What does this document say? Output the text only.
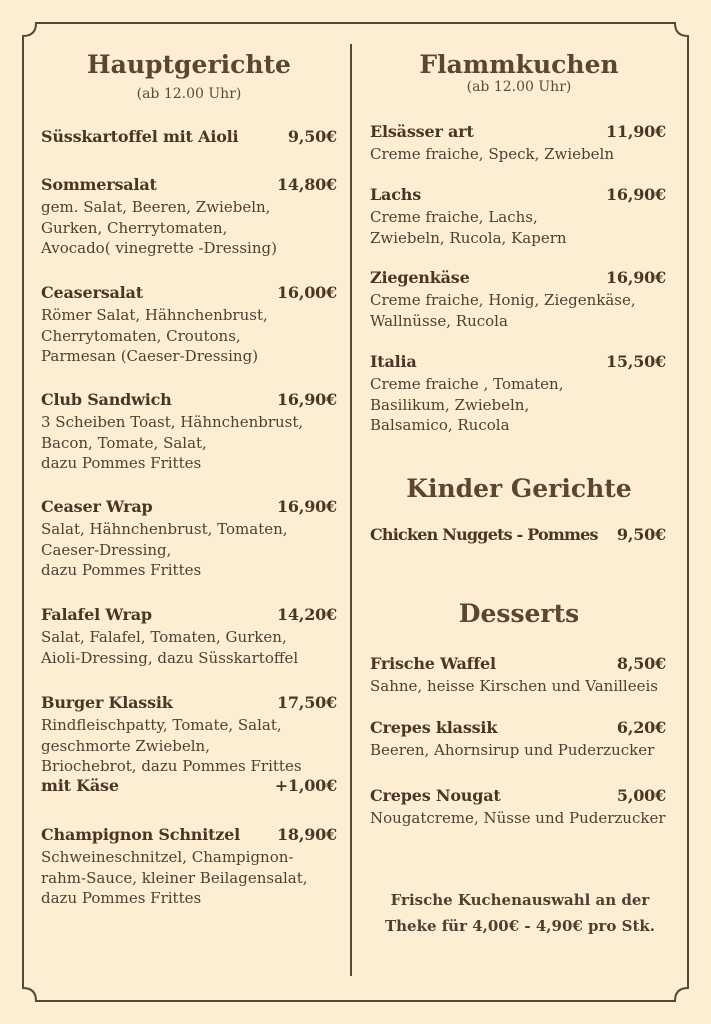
Hauptgerichte
(ab 12.00 Uhr)
Süsskartoffel mit Aioli	9,50€
Sommersalat	14,80€
gem. Salat, Beeren, Zwiebeln,
Gurken, Cherrytomaten,
Avocado( vinegrette -Dressing)
Ceasersalat	16,00€
Römer Salat, Hähnchenbrust,
Cherrytomaten, Croutons,
Parmesan (Caeser-Dressing)
Club Sandwich	16,90€
3 Scheiben Toast, Hähnchenbrust,
Bacon, Tomate, Salat,
dazu Pommes Frittes
Ceaser Wrap	16,90€
Salat, Hähnchenbrust, Tomaten,
Caeser-Dressing,
dazu Pommes Frittes
Falafel Wrap	14,20€
Salat, Falafel, Tomaten, Gurken,
Aioli-Dressing, dazu Süsskartoffel
Burger Klassik	17,50€
Rindfleischpatty, Tomate, Salat,
geschmorte Zwiebeln,
Briochebrot, dazu Pommes Frittes
mit Käse	+1,00€
Champignon Schnitzel 18,90€
Schweineschnitzel, Champignon-
rahm-Sauce, kleiner Beilagensalat,
dazu Pommes Frittes
Flammkuchen
(ab 12.00 Uhr)
Elsässer art	11,90€
Creme fraiche, Speck, Zwiebeln
Lachs	16,90€
Creme fraiche, Lachs,
Zwiebeln, Rucola, Kapern
Ziegenkäse	16,90€
Creme fraiche, Honig, Ziegenkäse,
Wallnüsse, Rucola
Italia	15,50€
Creme fraiche , Tomaten,
Basilikum, Zwiebeln,
Balsamico, Rucola
Kinder Gerichte
Chicken Nuggets - Pommes 9,50€
Desserts
Frische Waffel	8,50€
Sahne, heisse Kirschen und Vanilleeis
Crepes klassik	6,20€
Beeren, Ahornsirup und Puderzucker
Crepes Nougat	5,00€
Nougatcreme, Nüsse und Puderzucker
Frische Kuchenauswahl an der
Theke für 4,00€ - 4,90€ pro Stk.
